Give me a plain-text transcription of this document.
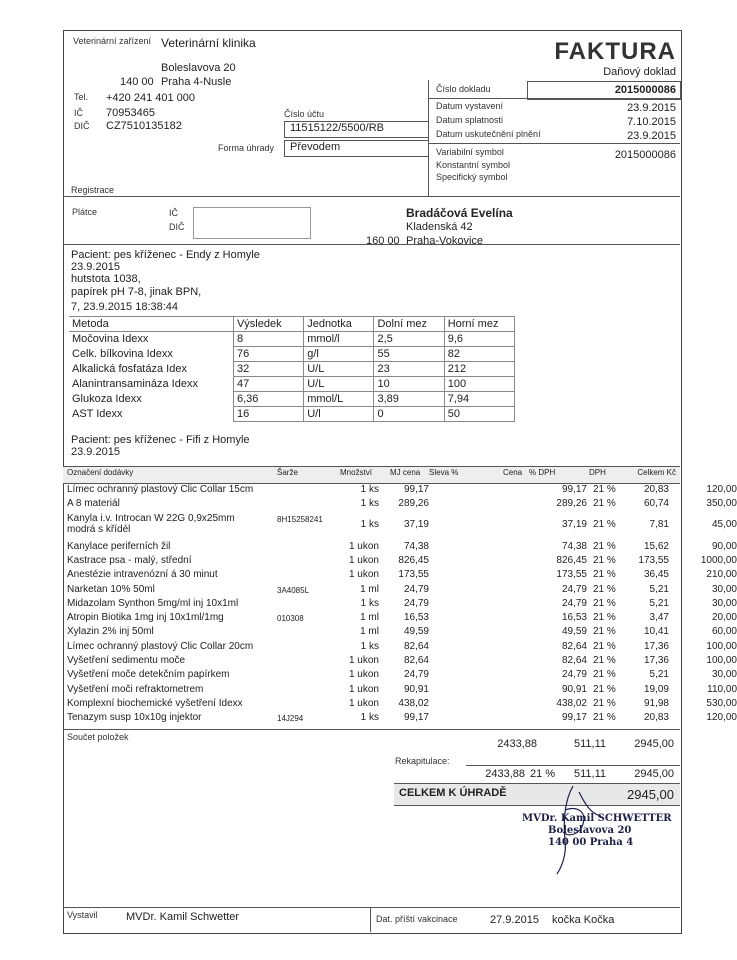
Veterinární zařízení Veterinární klinika
Boleslavova 20
140 00 Praha 4-Nusle
Tel. +420 241 401 000
IČ 70953465
DIČ CZ7510135182
Číslo účtu
11515122/5500/RB
Forma úhrady	Převodem
Registrace
FAKTURA
Daňový doklad
Číslo dokladu	2015000086
Datum vystavení	23.9.2015
Datum splatnosti	7.10.2015
Datum uskutečnění plnění	23.9.2015
Variabilní symbol	2015000086
Konstantní symbol
Specifický symbol
Plátce	IČ
DIČ
Bradáčová Evelína
Kladenská 42
160 00 Praha-Vokovice
Pacient: pes kříženec - Endy z Homyle
23.9.2015
hutstota 1038,
papírek pH 7-8, jinak BPN,
7, 23.9.2015 18:38:44
Metoda	Výsledek	Jednotka	Dolní mez	Horní mez
Močovina Idexx	8	mmol/l	2,5	9,6
Celk. bílkovina Idexx	76	g/l	55	82
Alkalická fosfatáza Idex	32	U/L	23	212
Alanintransamináza Idexx	47	U/L	10	100
Glukoza Idexx	6,36	mmol/L	3,89	7,94
AST Idexx	16	U/l	0	50
Pacient: pes kříženec - Fifi z Homyle
23.9.2015
Označení dodávky	Šarže	Množství MJ cena Sleva %	Cena % DPH	DPH	Celkem Kč
Límec ochranný plastový Clic Collar 15cm	1 ks	99,17	99,17 21 %	20,83	120,00
A 8 materiál	1 ks	289,26	289,26 21 %	60,74	350,00
Kanyla i.v. Introcan W 22G 0,9x25mm	8H15258241	1 ks	37,19	37,19 21 %	7,81	45,00
modrá s křídél
Kanylace periferních žil	1 ukon	74,38	74,38 21 %	15,62	90,00
Kastrace psa - malý, střední	1 ukon	826,45	826,45 21 %	173,55	1000,00
Anestézie intravenózní á 30 minut	1 ukon	173,55	173,55 21 %	36,45	210,00
Narketan 10% 50ml	3A4085L	1 ml	24,79	24,79 21 %	5,21	30,00
Midazolam Synthon 5mg/ml inj 10x1ml	1 ks	24,79	24,79 21 %	5,21	30,00
Atropin Biotika 1mg inj 10x1ml/1mg	010308	1 ml	16,53	16,53 21 %	3,47	20,00
Xylazin 2% inj 50ml	1 ml	49,59	49,59 21 %	10,41	60,00
Límec ochranný plastový Clic Collar 20cm	1 ks	82,64	82,64 21 %	17,36	100,00
Vyšetření sedimentu moče	1 ukon	82,64	82,64 21 %	17,36	100,00
Vyšetření moče detekčním papírkem	1 ukon	24,79	24,79 21 %	5,21	30,00
Vyšetření moči refraktometrem	1 ukon	90,91	90,91 21 %	19,09	110,00
Komplexní biochemické vyšetření Idexx	1 ukon	438,02	438,02 21 %	91,98	530,00
Tenazym susp 10x10g injektor	14J294	1 ks	99,17	99,17 21 %	20,83	120,00
Součet položek
2433,88	511,11	2945,00
Rekapitulace:
2433,88 21 %	511,11	2945,00
CELKEM K ÚHRADĚ	2945,00
MVDr. Kamil SCHWETTER
Boleslavova 20
140 00 Praha 4
Vystavil	MVDr. Kamil Schwetter	Dat. příští vakcinace	27.9.2015 kočka Kočka
